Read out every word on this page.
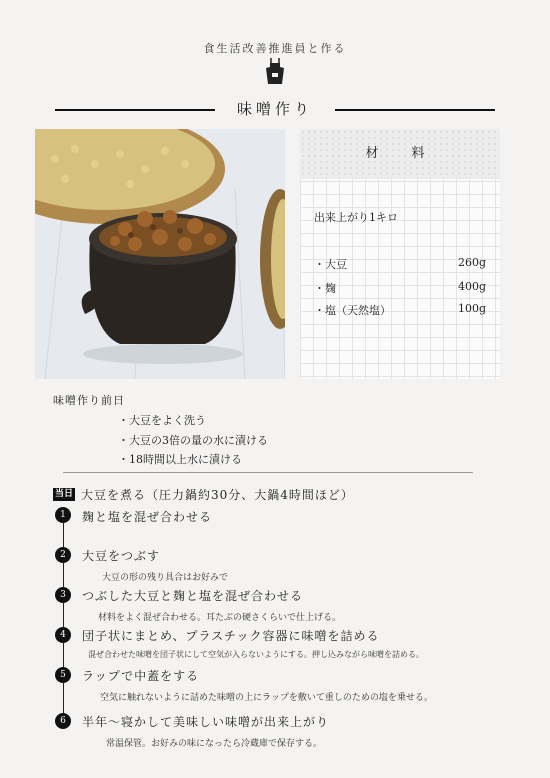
食生活改善推進員と作る
味噌作り
材　料
出来上がり1キロ
・大豆	260g
・麹	400g
・塩（天然塩）	100g
味噌作り前日
・大豆をよく洗う
・大豆の3倍の量の水に漬ける
・18時間以上水に漬ける
当日 大豆を煮る（圧力鍋約30分、大鍋4時間ほど）
1	麹と塩を混ぜ合わせる
2	大豆をつぶす
大豆の形の残り具合はお好みで
3	つぶした大豆と麹と塩を混ぜ合わせる
材料をよく混ぜ合わせる。耳たぶの硬さくらいで仕上げる。
4	団子状にまとめ、プラスチック容器に味噌を詰める
混ぜ合わせた味噌を団子状にして空気が入らないようにする。押し込みながら味噌を詰める。
5	ラップで中蓋をする
空気に触れないように詰めた味噌の上にラップを敷いて重しのための塩を乗せる。
6	半年～寝かして美味しい味噌が出来上がり
常温保管。お好みの味になったら冷蔵庫で保存する。
